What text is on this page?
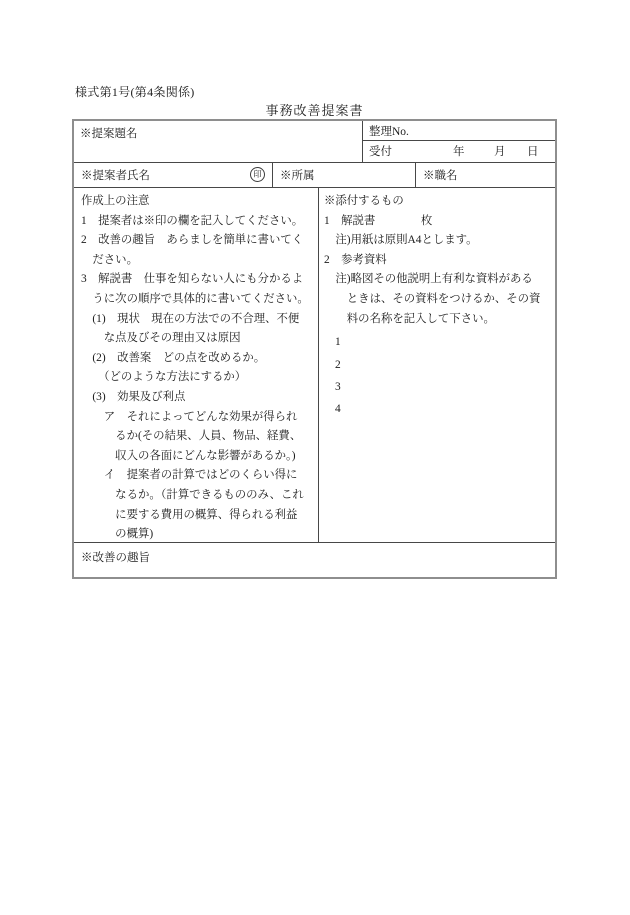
様式第1号(第4条関係)
事務改善提案書
※提案題名	整理No.
受付	年	月 日
※提案者氏名	印	※所属	※職名
作成上の注意
1　提案者は※印の欄を記入してください。
2　改善の趣旨　あらましを簡単に書いてく
　ださい。
3　解説書　仕事を知らない人にも分かるよ
　うに次の順序で具体的に書いてください。
　(1)　現状　現在の方法での不合理、不便
　　な点及びその理由又は原因
　(2)　改善案　どの点を改めるか。
　　（どのような方法にするか）
　(3)　効果及び利点
　　ア　それによってどんな効果が得られ
　　　るか(その結果、人員、物品、経費、
　　　収入の各面にどんな影響があるか。)
　　イ　提案者の計算ではどのくらい得に
　　　なるか。（計算できるもののみ、これ
　　　に要する費用の概算、得られる利益
　　　の概算)
※添付するもの
1　解説書　　　　枚
　注)用紙は原則A4とします。
2　参考資料
　注)略図その他説明上有利な資料がある
　　ときは、その資料をつけるか、その資
　　料の名称を記入して下さい。
1
2
3
4
※改善の趣旨
